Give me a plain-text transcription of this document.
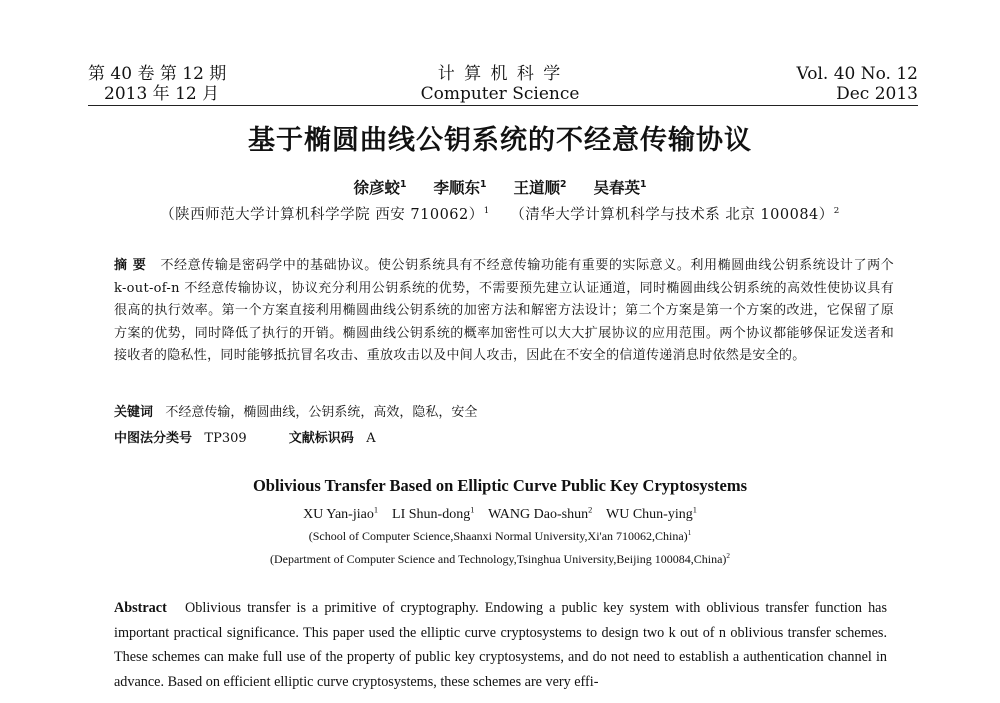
第 40 卷 第 12 期
2013 年 12 月
计 算 机 科 学
Computer Science
Vol. 40 No. 12
Dec 2013
基于椭圆曲线公钥系统的不经意传输协议
徐彦蛟$^1$ 李顺东$^1$ 王道顺$^2$ 吴春英$^1$
（陕西师范大学计算机科学学院 西安 710062）$^1$ （清华大学计算机科学与技术系 北京 100084）$^2$
摘 要 不经意传输是密码学中的基础协议。使公钥系统具有不经意传输功能有重要的实际意义。利用椭圆曲线公钥系统设计了两个 k-out-of-n 不经意传输协议，协议充分利用公钥系统的优势，不需要预先建立认证通道，同时椭圆曲线公钥系统的高效性使协议具有很高的执行效率。第一个方案直接利用椭圆曲线公钥系统的加密方法和解密方法设计；第二个方案是第一个方案的改进，它保留了原方案的优势，同时降低了执行的开销。椭圆曲线公钥系统的概率加密性可以大大扩展协议的应用范围。两个协议都能够保证发送者和接收者的隐私性，同时能够抵抗冒名攻击、重放攻击以及中间人攻击，因此在不安全的信道传递消息时依然是安全的。
关键词 不经意传输，椭圆曲线，公钥系统，高效，隐私，安全
中图法分类号 TP309	文献标识码 A
Oblivious Transfer Based on Elliptic Curve Public Key Cryptosystems
XU Yan-jiao$^1$ LI Shun-dong$^1$ WANG Dao-shun$^2$ WU Chun-ying$^1$
(School of Computer Science,Shaanxi Normal University,Xi'an 710062,China)$^1$
(Department of Computer Science and Technology,Tsinghua University,Beijing 100084,China)$^2$
Abstract Oblivious transfer is a primitive of cryptography. Endowing a public key system with oblivious transfer function has important practical significance. This paper used the elliptic curve cryptosystems to design two k out of n oblivious transfer schemes. These schemes can make full use of the property of public key cryptosystems, and do not need to establish a authentication channel in advance. Based on efficient elliptic curve cryptosystems, these schemes are very effi-
